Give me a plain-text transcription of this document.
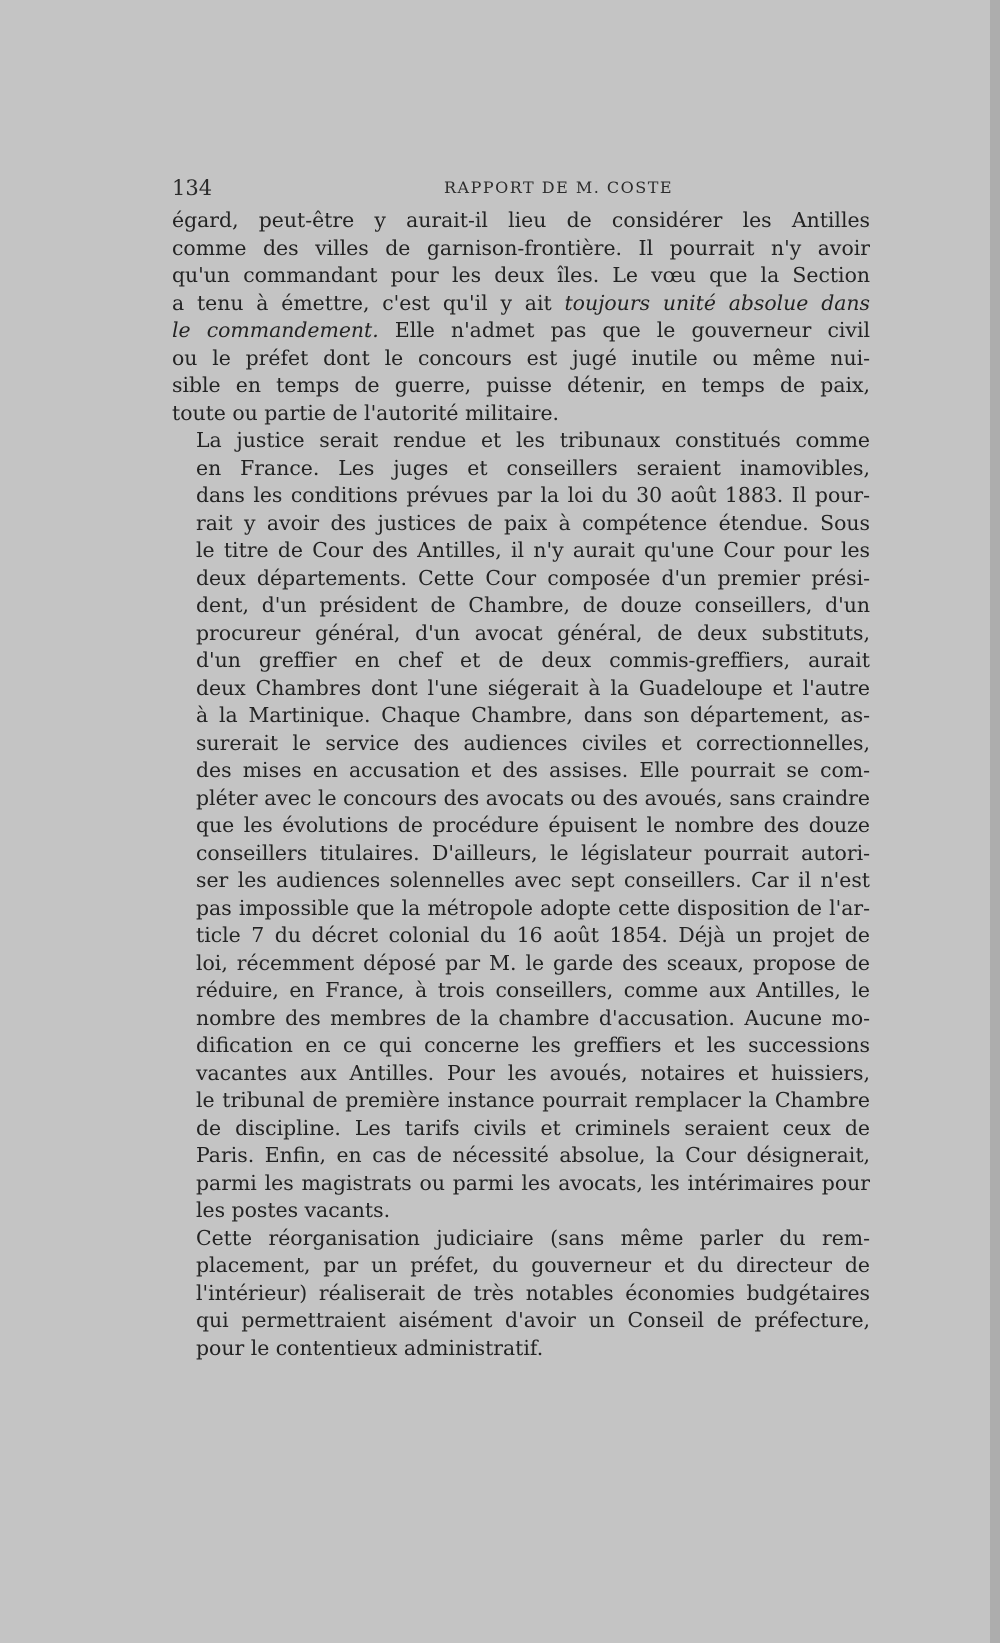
134	RAPPORT DE M. COSTE

égard, peut-être y aurait-il lieu de considérer les Antilles
comme des villes de garnison-frontière. Il pourrait n'y avoir
qu'un commandant pour les deux îles. Le vœu que la Section
a tenu à émettre, c'est qu'il y ait toujours unité absolue dans
le commandement. Elle n'admet pas que le gouverneur civil
ou le préfet dont le concours est jugé inutile ou même nui-
sible en temps de guerre, puisse détenir, en temps de paix,
toute ou partie de l'autorité militaire.

La justice serait rendue et les tribunaux constitués comme
en France. Les juges et conseillers seraient inamovibles,
dans les conditions prévues par la loi du 30 août 1883. Il pour-
rait y avoir des justices de paix à compétence étendue. Sous
le titre de Cour des Antilles, il n'y aurait qu'une Cour pour les
deux départements. Cette Cour composée d'un premier prési-
dent, d'un président de Chambre, de douze conseillers, d'un
procureur général, d'un avocat général, de deux substituts,
d'un greffier en chef et de deux commis-greffiers, aurait
deux Chambres dont l'une siégerait à la Guadeloupe et l'autre
à la Martinique. Chaque Chambre, dans son département, as-
surerait le service des audiences civiles et correctionnelles,
des mises en accusation et des assises. Elle pourrait se com-
pléter avec le concours des avocats ou des avoués, sans craindre
que les évolutions de procédure épuisent le nombre des douze
conseillers titulaires. D'ailleurs, le législateur pourrait autori-
ser les audiences solennelles avec sept conseillers. Car il n'est
pas impossible que la métropole adopte cette disposition de l'ar-
ticle 7 du décret colonial du 16 août 1854. Déjà un projet de
loi, récemment déposé par M. le garde des sceaux, propose de
réduire, en France, à trois conseillers, comme aux Antilles, le
nombre des membres de la chambre d'accusation. Aucune mo-
dification en ce qui concerne les greffiers et les successions
vacantes aux Antilles. Pour les avoués, notaires et huissiers,
le tribunal de première instance pourrait remplacer la Chambre
de discipline. Les tarifs civils et criminels seraient ceux de
Paris. Enfin, en cas de nécessité absolue, la Cour désignerait,
parmi les magistrats ou parmi les avocats, les intérimaires pour
les postes vacants.

Cette réorganisation judiciaire (sans même parler du rem-
placement, par un préfet, du gouverneur et du directeur de
l'intérieur) réaliserait de très notables économies budgétaires
qui permettraient aisément d'avoir un Conseil de préfecture,
pour le contentieux administratif.
